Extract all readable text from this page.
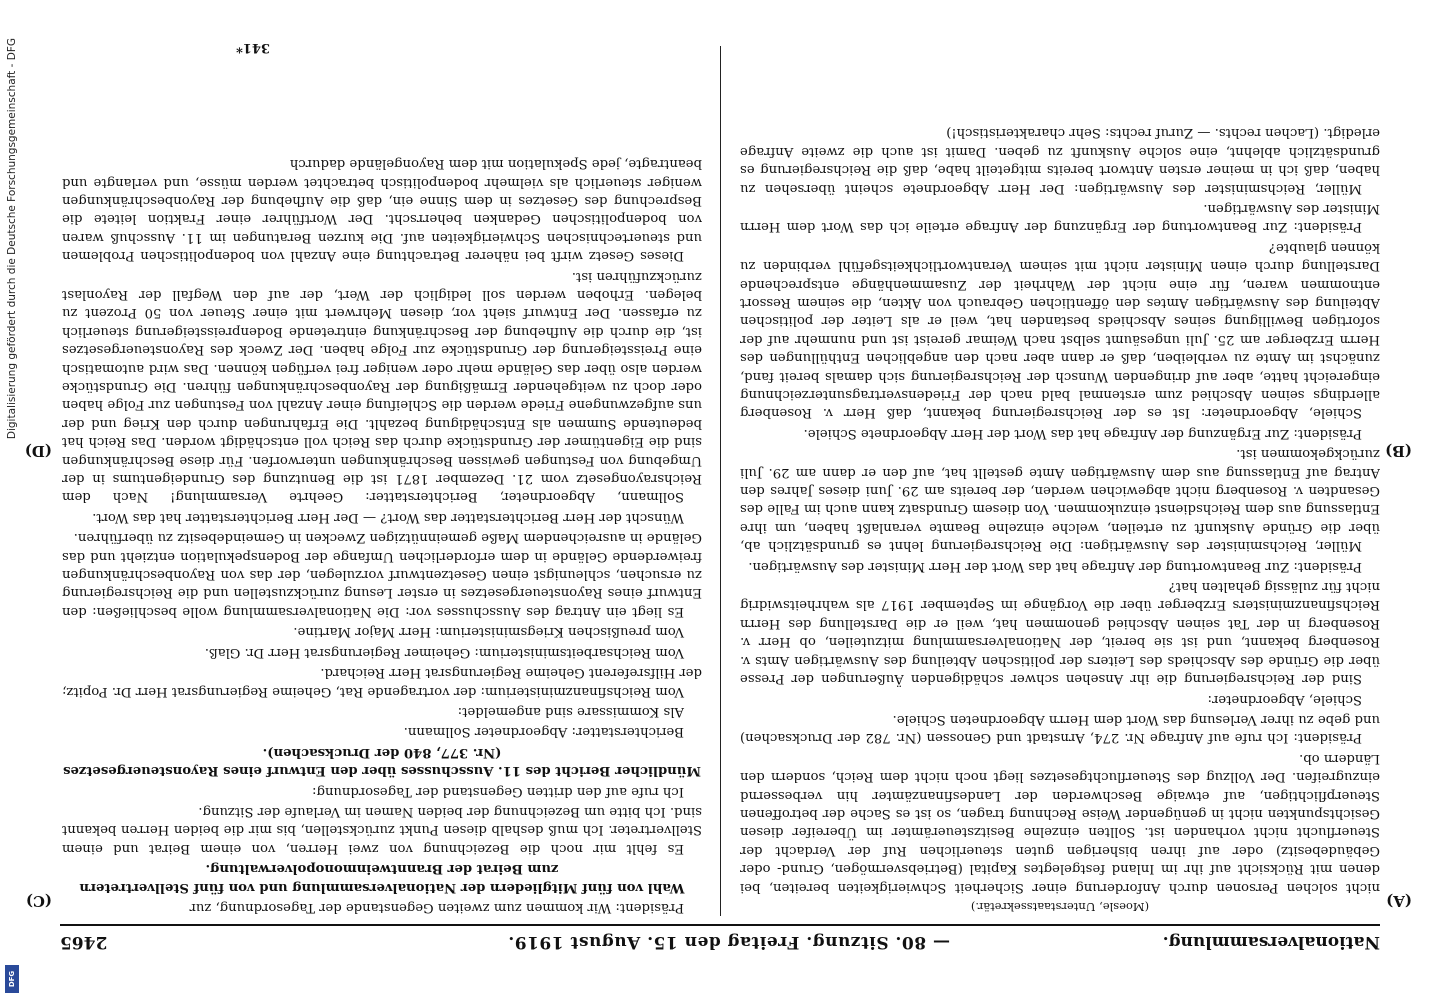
Digitalisierung gefördert durch die Deutsche Forschungsgemeinschaft - DFG
DFG
Nationalversammlung.
— 80. Sitzung. Freitag den 15. August 1919.
2465
(A)
(B)
(C)
(D)

(Moesle, Unterstaatssekretär.)

nicht solchen Personen durch Anforderung einer Sicherheit Schwierigkeiten bereiten, bei denen mit Rücksicht auf ihr im Inland festgelegtes Kapital (Betriebsvermögen, Grund- oder Gebäudebesitz) oder auf ihren bisherigen guten steuerlichen Ruf der Verdacht der Steuerflucht nicht vorhanden ist. Sollten einzelne Besitzsteuerämter im Übereifer diesen Gesichtspunkten nicht in genügender Weise Rechnung tragen, so ist es Sache der betroffenen Steuerpflichtigen, auf etwaige Beschwerden der Landesfinanzämter hin verbessernd einzugreifen. Der Vollzug des Steuerfluchtgesetzes liegt noch nicht dem Reich, sondern den Ländern ob.

Präsident: Ich rufe auf Anfrage Nr. 274, Arnstadt und Genossen (Nr. 782 der Drucksachen) und gebe zu ihrer Verlesung das Wort dem Herrn Abgeordneten Schiele.

Schiele, Abgeordneter:

Sind der Reichsregierung die ihr Ansehen schwer schädigenden Äußerungen der Presse über die Gründe des Abschieds des Leiters der politischen Abteilung des Auswärtigen Amts v. Rosenberg bekannt, und ist sie bereit, der Nationalversammlung mitzuteilen, ob Herr v. Rosenberg in der Tat seinen Abschied genommen hat, weil er die Darstellung des Herrn Reichsfinanzministers Erzberger über die Vorgänge im September 1917 als wahrheitswidrig nicht für zulässig gehalten hat?

Präsident: Zur Beantwortung der Anfrage hat das Wort der Herr Minister des Auswärtigen.

Müller, Reichsminister des Auswärtigen: Die Reichsregierung lehnt es grundsätzlich ab, über die Gründe Auskunft zu erteilen, welche einzelne Beamte veranlaßt haben, um ihre Entlassung aus dem Reichsdienst einzukommen. Von diesem Grundsatz kann auch im Falle des Gesandten v. Rosenberg nicht abgewichen werden, der bereits am 29. Juni dieses Jahres den Antrag auf Entlassung aus dem Auswärtigen Amte gestellt hat, auf den er dann am 29. Juli zurückgekommen ist.

Präsident: Zur Ergänzung der Anfrage hat das Wort der Herr Abgeordnete Schiele.

Schiele, Abgeordneter: Ist es der Reichsregierung bekannt, daß Herr v. Rosenberg allerdings seinen Abschied zum erstenmal bald nach der Friedensvertragsunterzeichnung eingereicht hatte, aber auf dringenden Wunsch der Reichsregierung sich damals bereit fand, zunächst im Amte zu verbleiben, daß er dann aber nach den angeblichen Enthüllungen des Herrn Erzberger am 25. Juli ungesäumt selbst nach Weimar gereist ist und nunmehr auf der sofortigen Bewilligung seines Abschieds bestanden hat, weil er als Leiter der politischen Abteilung des Auswärtigen Amtes den öffentlichen Gebrauch von Akten, die seinem Ressort entnommen waren, für eine nicht der Wahrheit der Zusammenhänge entsprechende Darstellung durch einen Minister nicht mit seinem Verantwortlichkeitsgefühl verbinden zu können glaubte?

Präsident: Zur Beantwortung der Ergänzung der Anfrage erteile ich das Wort dem Herrn Minister des Auswärtigen.

Müller, Reichsminister des Auswärtigen: Der Herr Abgeordnete scheint übersehen zu haben, daß ich in meiner ersten Antwort bereits mitgeteilt habe, daß die Reichsregierung es grundsätzlich ablehnt, eine solche Auskunft zu geben. Damit ist auch die zweite Anfrage erledigt. (Lachen rechts. — Zuruf rechts: Sehr charakteristisch!)

Präsident: Wir kommen zum zweiten Gegenstande der Tagesordnung, zur

Wahl von fünf Mitgliedern der Nationalversammlung und von fünf Stellvertretern zum Beirat der Branntweinmonopolverwaltung.

Es fehlt mir noch die Bezeichnung von zwei Herren, von einem Beirat und einem Stellvertreter. Ich muß deshalb diesen Punkt zurückstellen, bis mir die beiden Herren bekannt sind. Ich bitte um Bezeichnung der beiden Namen im Verlaufe der Sitzung.

Ich rufe auf den dritten Gegenstand der Tagesordnung:

Mündlicher Bericht des 11. Ausschusses über den Entwurf eines Rayonsteuergesetzes (Nr. 377, 840 der Drucksachen).

Berichterstatter: Abgeordneter Sollmann.

Als Kommissare sind angemeldet:

Vom Reichsfinanzministerium: der vortragende Rat, Geheime Regierungsrat Herr Dr. Popitz; der Hilfsreferent Geheime Regierungsrat Herr Reichard.

Vom Reichsarbeitsministerium: Geheimer Regierungsrat Herr Dr. Glaß.

Vom preußischen Kriegsministerium: Herr Major Martine.

Es liegt ein Antrag des Ausschusses vor: Die Nationalversammlung wolle beschließen: den Entwurf eines Rayonsteuergesetzes in erster Lesung zurückzustellen und die Reichsregierung zu ersuchen, schleunigst einen Gesetzentwurf vorzulegen, der das von Rayonbeschränkungen freiwerdende Gelände in dem erforderlichen Umfange der Bodenspekulation entzieht und das Gelände in ausreichendem Maße gemeinnützigen Zwecken in Gemeindebesitz zu überführen.

Wünscht der Herr Berichterstatter das Wort? — Der Herr Berichterstatter hat das Wort.

Sollmann, Abgeordneter, Berichterstatter: Geehrte Versammlung! Nach dem Reichsrayongesetz vom 21. Dezember 1871 ist die Benutzung des Grundeigentums in der Umgebung von Festungen gewissen Beschränkungen unterworfen. Für diese Beschränkungen sind die Eigentümer der Grundstücke durch das Reich voll entschädigt worden. Das Reich hat bedeutende Summen als Entschädigung bezahlt. Die Erfahrungen durch den Krieg und der uns aufgezwungene Friede werden die Schleifung einer Anzahl von Festungen zur Folge haben oder doch zu weitgehender Ermäßigung der Rayonbeschränkungen führen. Die Grundstücke werden also über das Gelände mehr oder weniger frei verfügen können. Das wird automatisch eine Preissteigerung der Grundstücke zur Folge haben. Der Zweck des Rayonsteuergesetzes ist, die durch die Aufhebung der Beschränkung eintretende Bodenpreissteigerung steuerlich zu erfassen. Der Entwurf sieht vor, diesen Mehrwert mit einer Steuer von 50 Prozent zu belegen. Erhoben werden soll lediglich der Wert, der auf den Wegfall der Rayonlast zurückzuführen ist.

Dieses Gesetz wirft bei näherer Betrachtung eine Anzahl von bodenpolitischen Problemen und steuertechnischen Schwierigkeiten auf. Die kurzen Beratungen im 11. Ausschuß waren von bodenpolitischen Gedanken beherrscht. Der Wortführer einer Fraktion leitete die Besprechung des Gesetzes in dem Sinne ein, daß die Aufhebung der Rayonbeschränkungen weniger steuerlich als vielmehr bodenpolitisch betrachtet werden müsse, und verlangte und beantragte, jede Spekulation mit dem Rayongelände dadurch

341*
